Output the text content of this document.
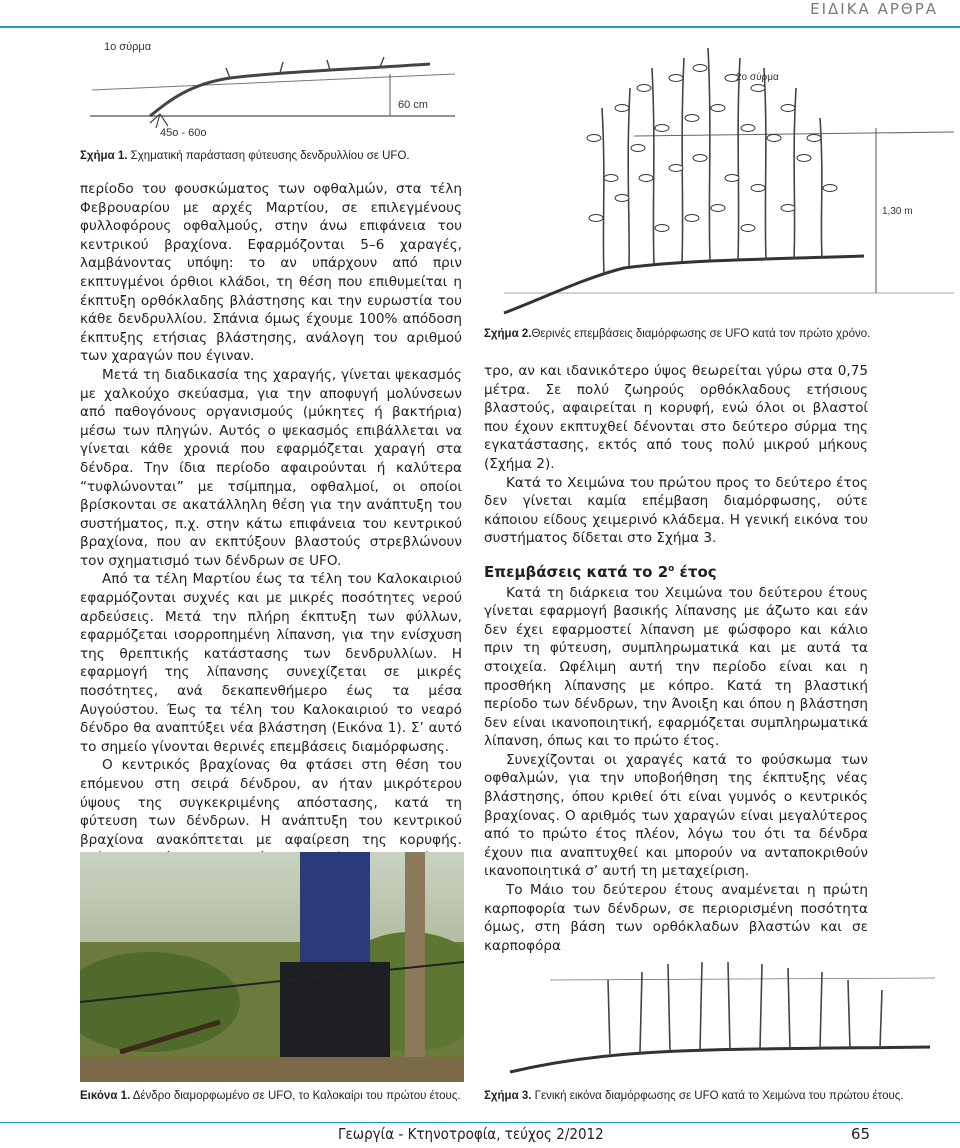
ΕΙΔΙΚΑ ΑΡΘΡΑ
1ο σύρμα
45ο - 60ο
60 cm
Σχήμα 1. Σχηματική παράσταση φύτευσης δενδρυλλίου σε UFO.
2ο σύρμα
1,30 m
Σχήμα 2.Θερινές επεμβάσεις διαμόρφωσης σε UFO κατά τον πρώτο χρόνο.

περίοδο του φουσκώματος των οφθαλμών, στα τέλη Φεβρουαρίου με αρχές Μαρτίου, σε επιλεγμένους φυλλοφόρους οφθαλμούς, στην άνω επιφάνεια του κεντρικού βραχίονα. Εφαρμόζονται 5–6 χαραγές, λαμβάνοντας υπόψη: το αν υπάρχουν από πριν εκπτυγμένοι όρθιοι κλάδοι, τη θέση που επιθυμείται η έκπτυξη ορθόκλαδης βλάστησης και την ευρωστία του κάθε δενδρυλλίου. Σπάνια όμως έχουμε 100% απόδοση έκπτυξης ετήσιας βλάστησης, ανάλογη του αριθμού των χαραγών που έγιναν.

Μετά τη διαδικασία της χαραγής, γίνεται ψεκασμός με χαλκούχο σκεύασμα, για την αποφυγή μολύνσεων από παθογόνους οργανισμούς (μύκητες ή βακτήρια) μέσω των πληγών. Αυτός ο ψεκασμός επιβάλλεται να γίνεται κάθε χρονιά που εφαρμόζεται χαραγή στα δένδρα. Την ίδια περίοδο αφαιρούνται ή καλύτερα “τυφλώνονται” με τσίμπημα, οφθαλμοί, οι οποίοι βρίσκονται σε ακατάλληλη θέση για την ανάπτυξη του συστήματος, π.χ. στην κάτω επιφάνεια του κεντρικού βραχίονα, που αν εκπτύξουν βλαστούς στρεβλώνουν τον σχηματισμό των δένδρων σε UFO.

Από τα τέλη Μαρτίου έως τα τέλη του Καλοκαιριού εφαρμόζονται συχνές και με μικρές ποσότητες νερού αρδεύσεις. Μετά την πλήρη έκπτυξη των φύλλων, εφαρμόζεται ισορροπημένη λίπανση, για την ενίσχυση της θρεπτικής κατάστασης των δενδρυλλίων. Η εφαρμογή της λίπανσης συνεχίζεται σε μικρές ποσότητες, ανά δεκαπενθήμερο έως τα μέσα Αυγούστου. Έως τα τέλη του Καλοκαιριού το νεαρό δένδρο θα αναπτύξει νέα βλάστηση (Εικόνα 1). Σ’ αυτό το σημείο γίνονται θερινές επεμβάσεις διαμόρφωσης.

Ο κεντρικός βραχίονας θα φτάσει στη θέση του επόμενου στη σειρά δένδρου, αν ήταν μικρότερου ύψους της συγκεκριμένης απόστασης, κατά τη φύτευση των δένδρων. Η ανάπτυξη του κεντρικού βραχίονα ανακόπτεται με αφαίρεση της κορυφής.

τρο, αν και ιδανικότερο ύψος θεωρείται γύρω στα 0,75 μέτρα. Σε πολύ ζωηρούς ορθόκλαδους ετήσιους βλαστούς, αφαιρείται η κορυφή, ενώ όλοι οι βλαστοί που έχουν εκπτυχθεί δένονται στο δεύτερο σύρμα της εγκατάστασης, εκτός από τους πολύ μικρού μήκους (Σχήμα 2).

Κατά το Χειμώνα του πρώτου προς το δεύτερο έτος δεν γίνεται καμία επέμβαση διαμόρφωσης, ούτε κάποιου είδους χειμερινό κλάδεμα. Η γενική εικόνα του συστήματος δίδεται στο Σχήμα 3.

Επεμβάσεις κατά το $2^o$ έτος

Κατά τη διάρκεια του Χειμώνα του δεύτερου έτους γίνεται εφαρμογή βασικής λίπανσης με άζωτο και εάν δεν έχει εφαρμοστεί λίπανση με φώσφορο και κάλιο πριν τη φύτευση, συμπληρωματικά και με αυτά τα στοιχεία. Ωφέλιμη αυτή την περίοδο είναι και η προσθήκη λίπανσης με κόπρο. Κατά τη βλαστική περίοδο των δένδρων, την Άνοιξη και όπου η βλάστηση δεν είναι ικανοποιητική, εφαρμόζεται συμπληρωματικά λίπανση, όπως και το πρώτο έτος.

Συνεχίζονται οι χαραγές κατά το φούσκωμα των οφθαλμών, για την υποβοήθηση της έκπτυξης νέας βλάστησης, όπου κριθεί ότι είναι γυμνός ο κεντρικός βραχίονας. Ο αριθμός των χαραγών είναι μεγαλύτερος από το πρώτο έτος πλέον, λόγω του ότι τα δένδρα έχουν πια αναπτυχθεί και μπορούν να ανταποκριθούν ικανοποιητικά σ’ αυτή τη μεταχείριση.

Το Μάιο του δεύτερου έτους αναμένεται η πρώτη καρποφορία των δένδρων, σε περιορισμένη ποσότητα όμως, στη βάση των ορθόκλαδων βλαστών και σε καρποφόρα

Εικόνα 1. Δένδρο διαμορφωμένο σε UFO, το Καλοκαίρι του πρώτου έτους. Σχήμα 3. Γενική εικόνα διαμόρφωσης σε UFO κατά το Χειμώνα του πρώτου έτους.
Γεωργία - Κτηνοτροφία, τεύχος 2/2012	65
